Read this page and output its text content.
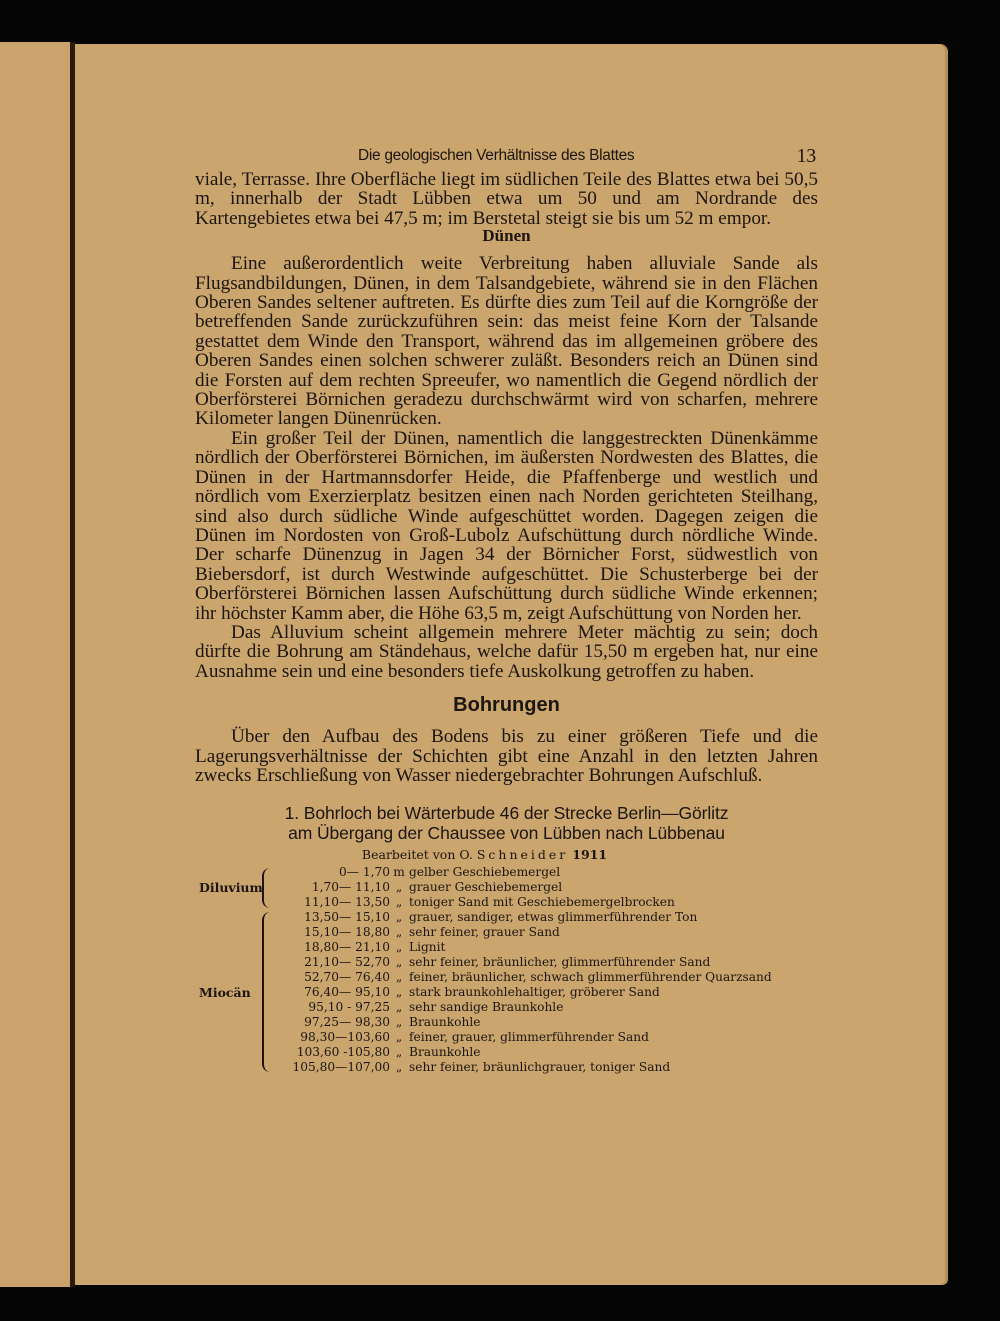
Die geologischen Verhältnisse des Blattes	13

viale, Terrasse. Ihre Oberfläche liegt im südlichen Teile des Blattes etwa bei 50,5 m, innerhalb der Stadt Lübben etwa um 50 und am Nordrande des Kartengebietes etwa bei 47,5 m; im Berstetal steigt sie bis um 52 m empor.

Dünen

Eine außerordentlich weite Verbreitung haben alluviale Sande als Flugsandbildungen, Dünen, in dem Talsandgebiete, während sie in den Flächen Oberen Sandes seltener auftreten. Es dürfte dies zum Teil auf die Korngröße der betreffenden Sande zurückzuführen sein: das meist feine Korn der Talsande gestattet dem Winde den Transport, während das im allgemeinen gröbere des Oberen Sandes einen solchen schwerer zuläßt. Besonders reich an Dünen sind die Forsten auf dem rechten Spreeufer, wo namentlich die Gegend nördlich der Oberförsterei Börnichen geradezu durchschwärmt wird von scharfen, mehrere Kilometer langen Dünenrücken.

Ein großer Teil der Dünen, namentlich die langgestreckten Dünenkämme nördlich der Oberförsterei Börnichen, im äußersten Nordwesten des Blattes, die Dünen in der Hartmannsdorfer Heide, die Pfaffenberge und westlich und nördlich vom Exerzierplatz besitzen einen nach Norden gerichteten Steilhang, sind also durch südliche Winde aufgeschüttet worden. Dagegen zeigen die Dünen im Nordosten von Groß-Lubolz Aufschüttung durch nördliche Winde. Der scharfe Dünenzug in Jagen 34 der Börnicher Forst, südwestlich von Biebersdorf, ist durch Westwinde aufgeschüttet. Die Schusterberge bei der Oberförsterei Börnichen lassen Aufschüttung durch südliche Winde erkennen; ihr höchster Kamm aber, die Höhe 63,5 m, zeigt Aufschüttung von Norden her.

Das Alluvium scheint allgemein mehrere Meter mächtig zu sein; doch dürfte die Bohrung am Ständehaus, welche dafür 15,50 m ergeben hat, nur eine Ausnahme sein und eine besonders tiefe Auskolkung getroffen zu haben.

Bohrungen

Über den Aufbau des Bodens bis zu einer größeren Tiefe und die Lagerungsverhältnisse der Schichten gibt eine Anzahl in den letzten Jahren zwecks Erschließung von Wasser niedergebrachter Bohrungen Aufschluß.

1. Bohrloch bei Wärterbude 46 der Strecke Berlin—Görlitz
am Übergang der Chaussee von Lübben nach Lübbenau
Bearbeitet von O. Schneider 1911
Diluvium
Miocän
0— 1,70 m gelber Geschiebemergel
1,70— 11,10 „ grauer Geschiebemergel
11,10— 13,50 „ toniger Sand mit Geschiebemergelbrocken
13,50— 15,10 „ grauer, sandiger, etwas glimmerführender Ton
15,10— 18,80 „ sehr feiner, grauer Sand
18,80— 21,10 „ Lignit
21,10— 52,70 „ sehr feiner, bräunlicher, glimmerführender Sand
52,70— 76,40 „ feiner, bräunlicher, schwach glimmerführender Quarzsand
76,40— 95,10 „ stark braunkohlehaltiger, gröberer Sand
95,10 - 97,25 „ sehr sandige Braunkohle
97,25— 98,30 „ Braunkohle
98,30—103,60 „ feiner, grauer, glimmerführender Sand
103,60 -105,80 „ Braunkohle
105,80—107,00 „ sehr feiner, bräunlichgrauer, toniger Sand
